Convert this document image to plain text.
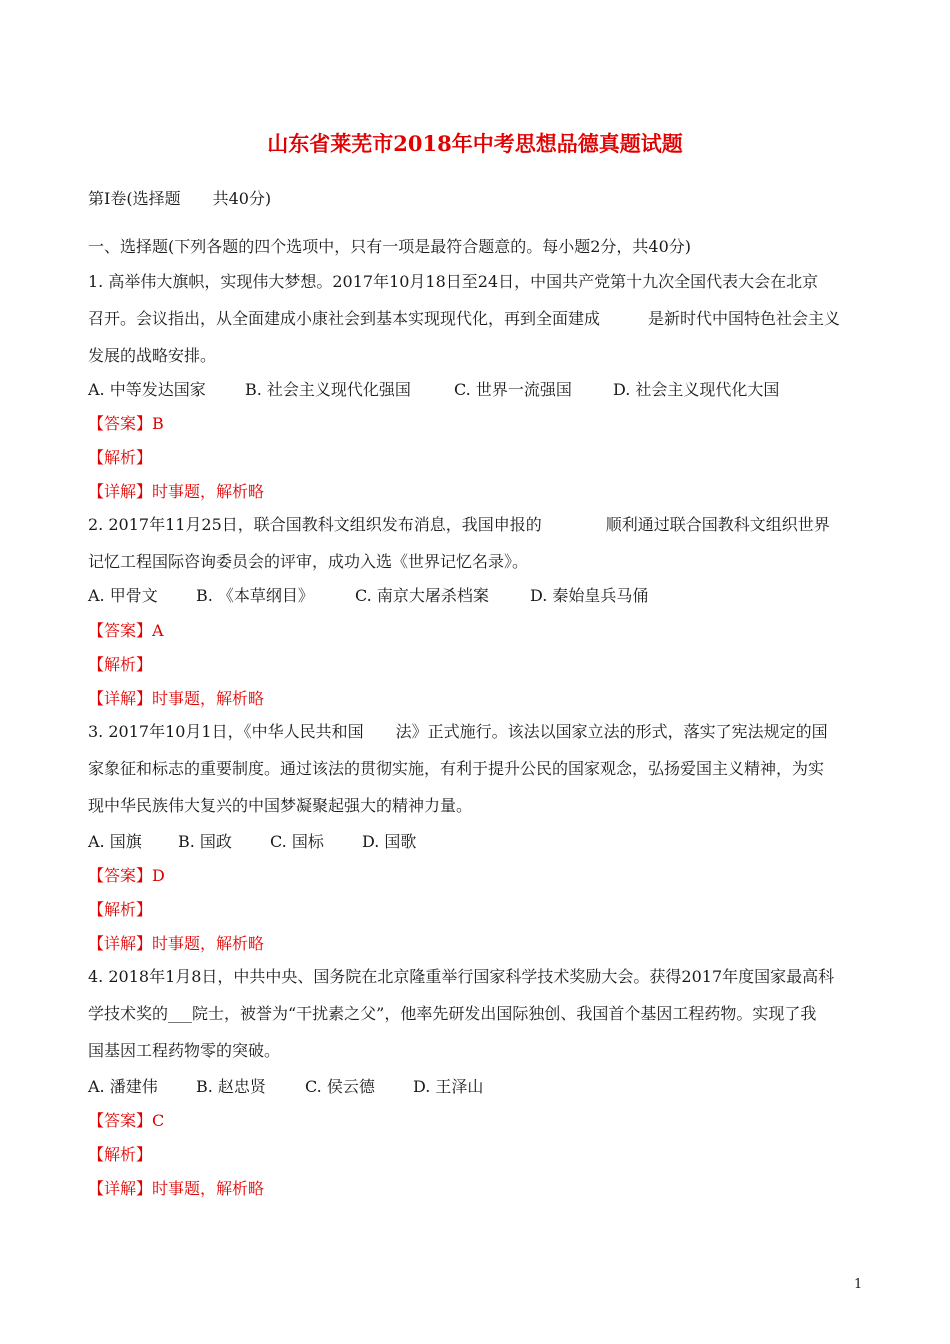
山东省莱芜市2018年中考思想品德真题试题
第Ⅰ卷(选择题　　共40分)
一、选择题(下列各题的四个选项中，只有一项是最符合题意的。每小题2分，共40分)
1. 高举伟大旗帜，实现伟大梦想。2017年10月18日至24日，中国共产党第十九次全国代表大会在北京
召开。会议指出，从全面建成小康社会到基本实现现代化，再到全面建成　　　是新时代中国特色社会主义
发展的战略安排。
A. 中等发达国家 B. 社会主义现代化强国	C. 世界一流强国	D. 社会主义现代化大国
【答案】B
【解析】
【详解】时事题，解析略
2. 2017年11月25日，联合国教科文组织发布消息，我国申报的　　　　顺利通过联合国教科文组织世界
记忆工程国际咨询委员会的评审，成功入选《世界记忆名录》。
A. 甲骨文 B. 《本草纲目》	C. 南京大屠杀档案	D. 秦始皇兵马俑
【答案】A
【解析】
【详解】时事题，解析略
3. 2017年10月1日，《中华人民共和国　　法》正式施行。该法以国家立法的形式，落实了宪法规定的国
家象征和标志的重要制度。通过该法的贯彻实施，有利于提升公民的国家观念，弘扬爱国主义精神，为实
现中华民族伟大复兴的中国梦凝聚起强大的精神力量。
A. 国旗 B. 国政 C. 国标 D. 国歌
【答案】D
【解析】
【详解】时事题，解析略
4. 2018年1月8日，中共中央、国务院在北京隆重举行国家科学技术奖励大会。获得2017年度国家最高科
学技术奖的___院士，被誉为“干扰素之父”，他率先研发出国际独创、我国首个基因工程药物。实现了我
国基因工程药物零的突破。
A. 潘建伟 B. 赵忠贤 C. 侯云德 D. 王泽山
【答案】C
【解析】
【详解】时事题，解析略
1
